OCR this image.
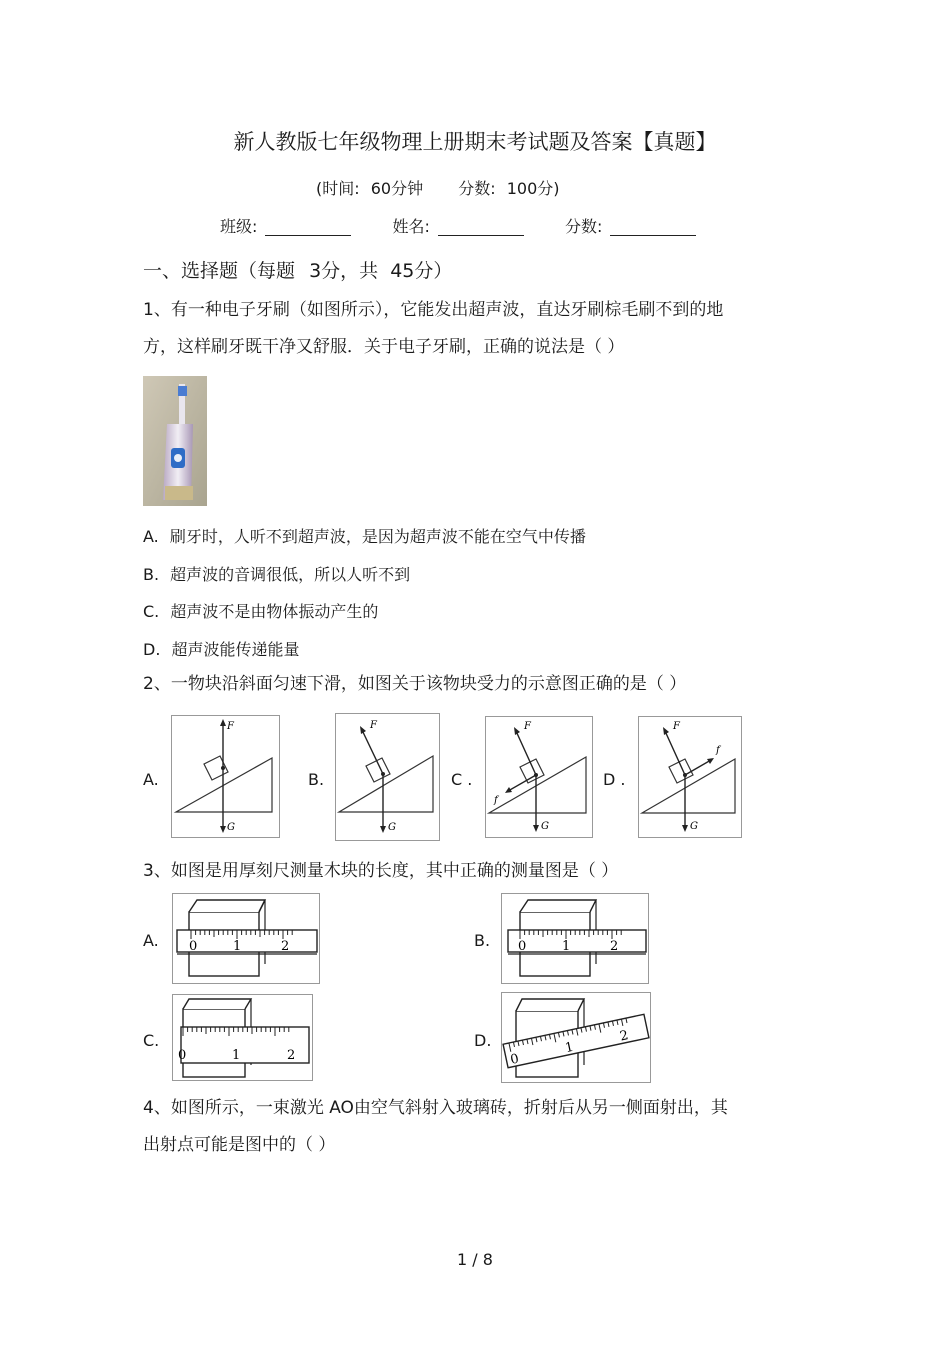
新人教版七年级物理上册期末考试题及答案【真题】
(时间: 60分钟 分数: 100分)
班级:	姓名:	分数:
一、选择题（每题 3分，共 45分）
1、有一种电子牙刷（如图所示），它能发出超声波，直达牙刷棕毛刷不到的地
方，这样刷牙既干净又舒服．关于电子牙刷，正确的说法是（ ）
A. 刷牙时，人听不到超声波，是因为超声波不能在空气中传播
B. 超声波的音调很低，所以人听不到
C. 超声波不是由物体振动产生的
D. 超声波能传递能量
2、一物块沿斜面匀速下滑，如图关于该物块受力的示意图正确的是（ ）
A.	B.	C .	D .
F
G
F
G
F
G
f
F
G
f
3、如图是用厚刻尺测量木块的长度，其中正确的测量图是（ ）
A.	B.
C.	D.
0	1	2	0	1	2
0	1	2	0
1
2
4、如图所示，一束激光 AO由空气斜射入玻璃砖，折射后从另一侧面射出，其
出射点可能是图中的（ ）
1 / 8
